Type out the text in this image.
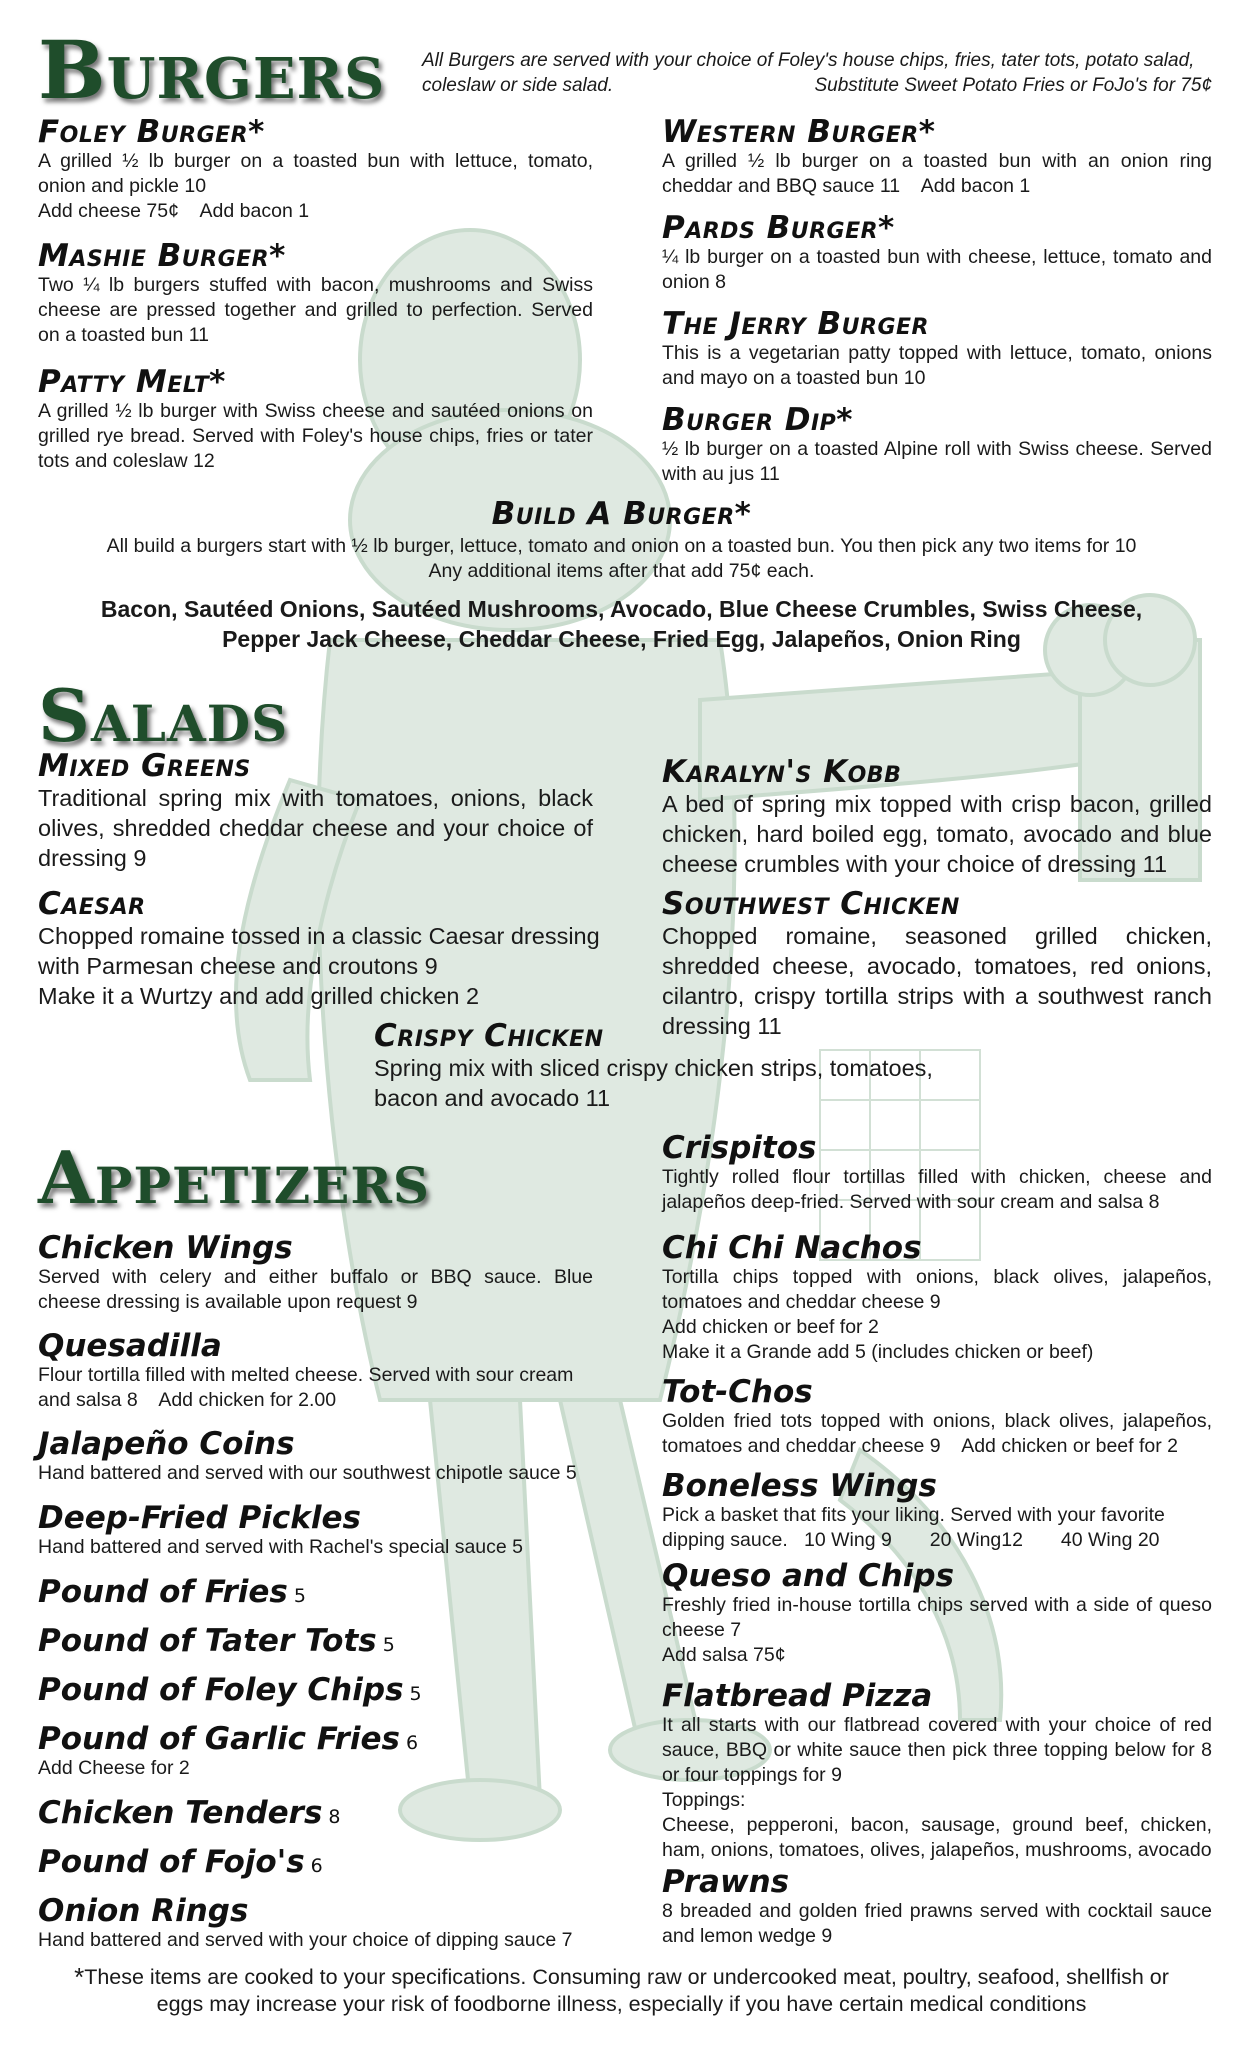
Burgers All Burgers are served with your choice of Foley's house chips, fries, tater tots, potato salad, coleslaw or side salad.	Substitute Sweet Potato Fries or FoJo's for 75¢

Foley Burger*

A grilled ½ lb burger on a toasted bun with lettuce, tomato, onion and pickle 10
Add cheese 75¢    Add bacon 1

Mashie Burger*

Two ¼ lb burgers stuffed with bacon, mushrooms and Swiss cheese are pressed together and grilled to perfection. Served on a toasted bun 11

Patty Melt*

A grilled ½ lb burger with Swiss cheese and sautéed onions on grilled rye bread. Served with Foley's house chips, fries or tater tots and coleslaw 12

Western Burger*

A grilled ½ lb burger on a toasted bun with an onion ring cheddar and BBQ sauce 11    Add bacon 1

Pards Burger*

¼ lb burger on a toasted bun with cheese, lettuce, tomato and onion 8

The Jerry Burger

This is a vegetarian patty topped with lettuce, tomato, onions and mayo on a toasted bun 10

Burger Dip*

½ lb burger on a toasted Alpine roll with Swiss cheese. Served with au jus 11

Build A Burger*

All build a burgers start with ½ lb burger, lettuce, tomato and onion on a toasted bun. You then pick any two items for 10
Any additional items after that add 75¢ each.

Bacon, Sautéed Onions, Sautéed Mushrooms, Avocado, Blue Cheese Crumbles, Swiss Cheese,
Pepper Jack Cheese, Cheddar Cheese, Fried Egg, Jalapeños, Onion Ring

Salads

Mixed Greens

Traditional spring mix with tomatoes, onions, black olives, shredded cheddar cheese and your choice of dressing 9

Caesar

Chopped romaine tossed in a classic Caesar dressing
with Parmesan cheese and croutons 9
Make it a Wurtzy and add grilled chicken 2

Karalyn's Kobb

A bed of spring mix topped with crisp bacon, grilled chicken, hard boiled egg, tomato, avocado and blue cheese crumbles with your choice of dressing 11

Southwest Chicken

Chopped romaine, seasoned grilled chicken, shredded cheese, avocado, tomatoes, red onions, cilantro, crispy tortilla strips with a southwest ranch dressing 11

Crispy Chicken

Spring mix with sliced crispy chicken strips, tomatoes,
bacon and avocado 11

Appetizers

Chicken Wings

Served with celery and either buffalo or BBQ sauce. Blue cheese dressing is available upon request 9

Quesadilla

Flour tortilla filled with melted cheese. Served with sour cream and salsa 8    Add chicken for 2.00

Jalapeño Coins

Hand battered and served with our southwest chipotle sauce 5

Deep-Fried Pickles

Hand battered and served with Rachel's special sauce 5

Pound of Fries 5

Pound of Tater Tots 5

Pound of Foley Chips 5

Pound of Garlic Fries 6

Add Cheese for 2

Chicken Tenders 8

Pound of Fojo's 6

Onion Rings

Hand battered and served with your choice of dipping sauce 7

Crispitos

Tightly rolled flour tortillas filled with chicken, cheese and jalapeños deep-fried. Served with sour cream and salsa 8

Chi Chi Nachos

Tortilla chips topped with onions, black olives, jalapeños, tomatoes and cheddar cheese 9
Add chicken or beef for 2
Make it a Grande add 5 (includes chicken or beef)

Tot-Chos

Golden fried tots topped with onions, black olives, jalapeños, tomatoes and cheddar cheese 9    Add chicken or beef for 2

Boneless Wings

Pick a basket that fits your liking. Served with your favorite dipping sauce.   10 Wing 9       20 Wing12       40 Wing 20

Queso and Chips

Freshly fried in-house tortilla chips served with a side of queso cheese 7
Add salsa 75¢

Flatbread Pizza

It all starts with our flatbread covered with your choice of red sauce, BBQ or white sauce then pick three topping below for 8 or four toppings for 9
Toppings:
Cheese, pepperoni, bacon, sausage, ground beef, chicken, ham, onions, tomatoes, olives, jalapeños, mushrooms, avocado

Prawns

8 breaded and golden fried prawns served with cocktail sauce and lemon wedge 9

*These items are cooked to your specifications. Consuming raw or undercooked meat, poultry, seafood, shellfish or eggs may increase your risk of foodborne illness, especially if you have certain medical conditions
